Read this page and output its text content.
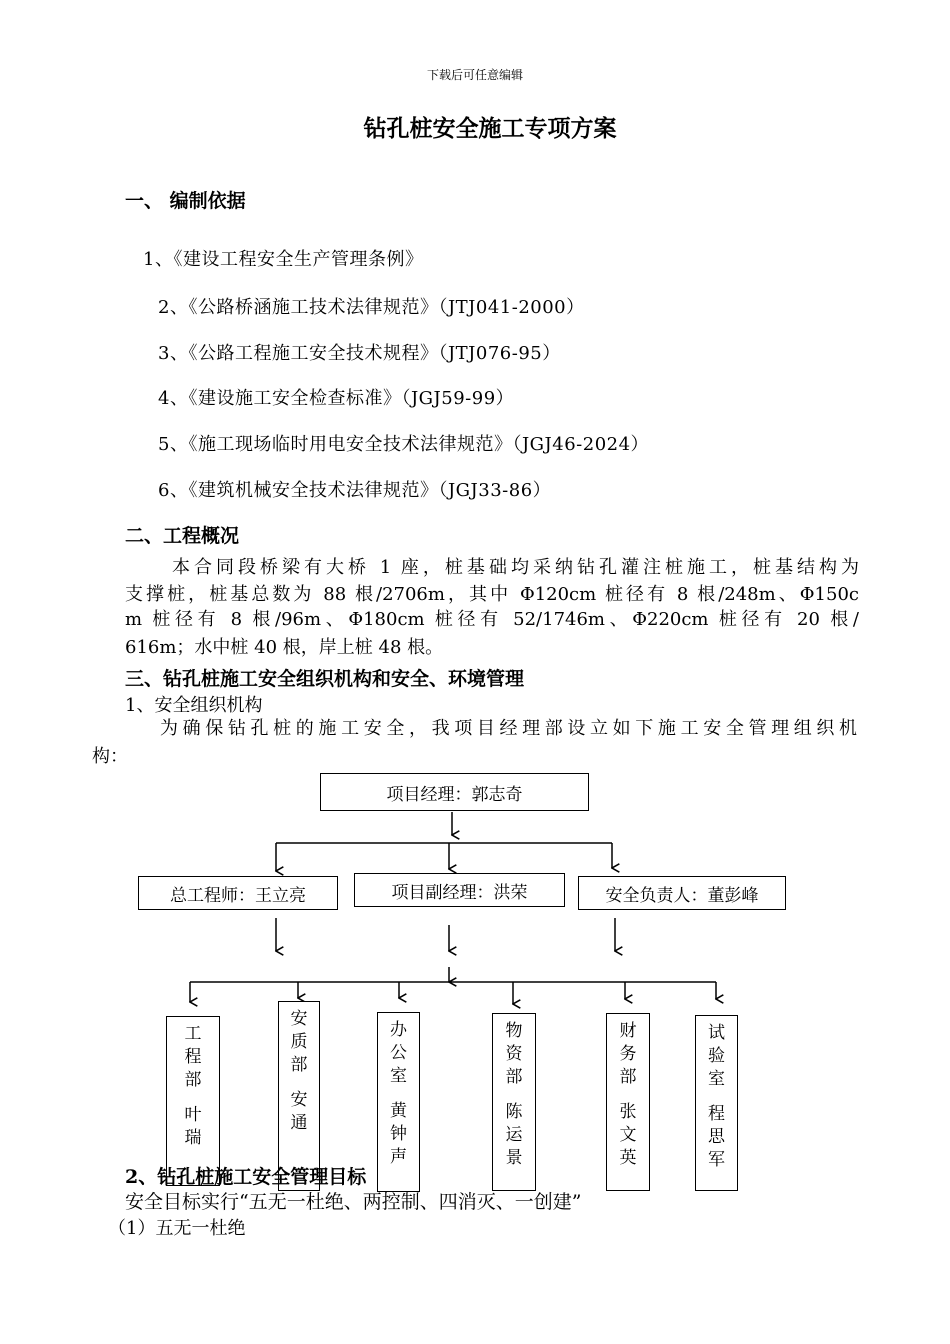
下载后可任意编辑
钻孔桩安全施工专项方案
一、 编制依据
1、《建设工程安全生产管理条例》
2、《公路桥涵施工技术法律规范》（JTJ041-2000）
3、《公路工程施工安全技术规程》（JTJ076-95）
4、《建设施工安全检查标准》（JGJ59-99）
5、《施工现场临时用电安全技术法律规范》（JGJ46-2024）
6、《建筑机械安全技术法律规范》（JGJ33-86）
二、工程概况
本合同段桥梁有大桥 1 座，桩基础均采纳钻孔灌注桩施工，桩基结构为
支撑桩，桩基总数为 88 根/2706m，其中 Φ120cm 桩径有 8 根/248m、Φ150c
m 桩径有 8 根/96m、Φ180cm 桩径有 52/1746m、Φ220cm 桩径有 20 根/
616m；水中桩 40 根，岸上桩 48 根。
三、钻孔桩施工安全组织机构和安全、环境管理
1、安全组织机构
为确保钻孔桩的施工安全，我项目经理部设立如下施工安全管理组织机
构：
项目经理：郭志奇
总工程师：王立亮	项目副经理：洪荣	安全负责人：董彭峰
工程部
叶瑞
安质部
安通
办公室
黄钟声
物资部
陈运景
财务部
张文英
试验室
程思军
2、钻孔桩施工安全管理目标
安全目标实行“五无一杜绝、两控制、四消灭、一创建”
（1）五无一杜绝
